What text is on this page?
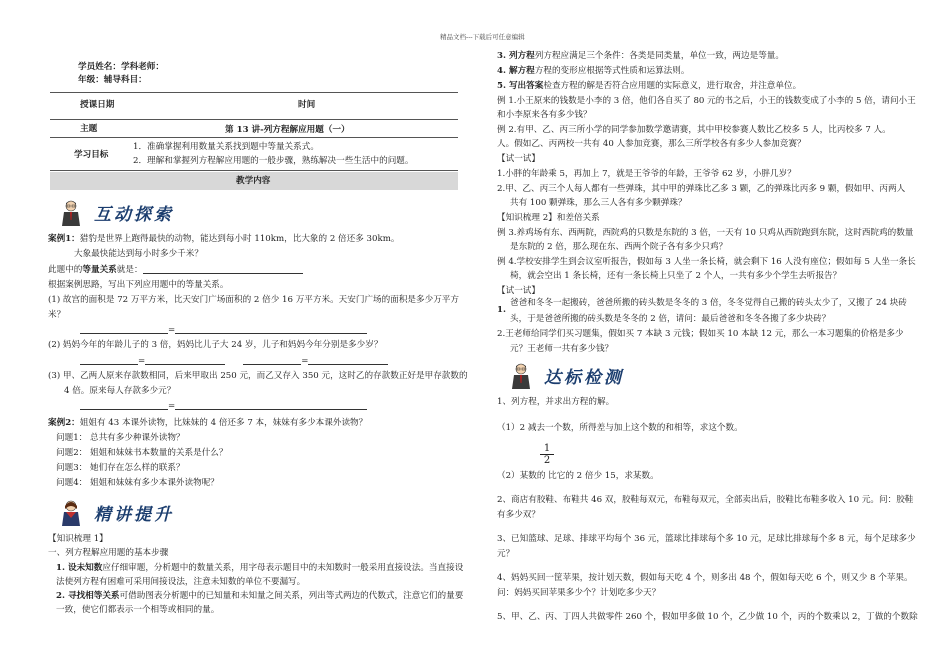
精品文档---下载后可任意编辑
学员姓名：学科老师：
年级：辅导科目：
授课日期	时间
主题	第 13 讲-列方程解应用题（一）
学习目标
1．准确掌握利用数量关系找到题中等量关系式。
2．理解和掌握列方程解应用题的一般步骤，熟练解决一些生活中的问题。
教学内容
互动探索
案例1：猎豹是世界上跑得最快的动物，能达到每小时 110km，比大象的 2 倍还多 30km。
大象最快能达到每小时多少千米？
此题中的等量关系就是：
根据案例思路，写出下列应用题中的等量关系。
(1) 故宫的面积是 72 万平方米，比天安门广场面积的 2 倍少 16 万平方米。天安门广场的面积是多少万平方
米？
=
(2) 妈妈今年的年龄儿子的 3 倍，妈妈比儿子大 24 岁，儿子和妈妈今年分别是多少岁？
=	=
(3) 甲、乙两人原来存款数相同，后来甲取出 250 元，而乙又存入 350 元，这时乙的存款数正好是甲存款数的
4 倍。原来每人存款多少元？
=
案例2：姐姐有 43 本课外读物，比妹妹的 4 倍还多 7 本，妹妹有多少本课外读物？
问题1： 总共有多少种课外读物？
问题2： 姐姐和妹妹书本数量的关系是什么？
问题3： 她们存在怎么样的联系？
问题4： 姐姐和妹妹有多少本课外读物呢？
精讲提升
【知识梳理 1】
一、列方程解应用题的基本步骤
1. 设未知数应仔细审题，分析题中的数量关系，用字母表示题目中的未知数时一般采用直接设法。当直接设
法使列方程有困难可采用间接设法，注意未知数的单位不要漏写。
2. 寻找相等关系可借助图表分析题中的已知量和未知量之间关系，列出等式两边的代数式，注意它们的量要
一致，使它们都表示一个相等或相同的量。
3. 列方程列方程应满足三个条件：各类是同类量，单位一致，两边是等量。
4. 解方程方程的变形应根据等式性质和运算法则。
5. 写出答案检查方程的解是否符合应用题的实际意义，进行取舍，并注意单位。
例 1.小王原来的钱数是小李的 3 倍，他们各自买了 80 元的书之后，小王的钱数变成了小李的 5 倍，请问小王
和小李原来各有多少钱？
例 2.有甲、乙、丙三所小学的同学参加数学邀请赛，其中甲校参赛人数比乙校多 5 人，比丙校多 7 人。
人。假如乙、丙两校一共有 40 人参加竞赛，那么三所学校各有多少人参加竞赛？
【试一试】
1.小胖的年龄乘 5，再加上 7，就是王爷爷的年龄，王爷爷 62 岁，小胖几岁？
2.甲、乙、丙三个人每人都有一些弹珠，其中甲的弹珠比乙多 3 颗，乙的弹珠比丙多 9 颗，假如甲、丙两人
共有 100 颗弹珠，那么三人各有多少颗弹珠？
【知识梳理 2】和差倍关系
例 3.养鸡场有东、西两院，西院鸡的只数是东院的 3 倍，一天有 10 只鸡从西院跑到东院，这时西院鸡的数量
是东院的 2 倍，那么现在东、西两个院子各有多少只鸡？
例 4.学校安排学生到会议室听报告，假如每 3 人坐一条长椅，就会剩下 16 人没有座位；假如每 5 人坐一条长
椅，就会空出 1 条长椅，还有一条长椅上只坐了 2 个人，一共有多少个学生去听报告？
【试一试】
爸爸和冬冬一起搬砖，爸爸所搬的砖头数是冬冬的 3 倍，冬冬觉得自己搬的砖头太少了，又搬了 24 块砖
1.
头，于是爸爸所搬的砖头数是冬冬的 2 倍，请问：最后爸爸和冬冬各搬了多少块砖？
2.王老师给同学们买习题集，假如买 7 本缺 3 元钱；假如买 10 本缺 12 元，那么一本习题集的价格是多少
元？王老师一共有多少钱？
达标检测
1、列方程，并求出方程的解。
（1）2 减去一个数，所得差与加上这个数的和相等，求这个数。
$\frac{1}{2}$
（2）某数的 比它的 2 倍少 15，求某数。
2、商店有胶鞋、布鞋共 46 双，胶鞋每双元，布鞋每双元，全部卖出后，胶鞋比布鞋多收入 10 元。问：胶鞋
有多少双？
3、已知篮球、足球、排球平均每个 36 元，篮球比排球每个多 10 元，足球比排球每个多 8 元，每个足球多少
元？
4、妈妈买回一筐苹果，按计划天数，假如每天吃 4 个，则多出 48 个，假如每天吃 6 个，则又少 8 个苹果。
问：妈妈买回苹果多少个？计划吃多少天？
5、甲、乙、丙、丁四人共做零件 260 个，假如甲多做 10 个，乙少做 10 个，丙的个数乘以 2，丁做的个数除
